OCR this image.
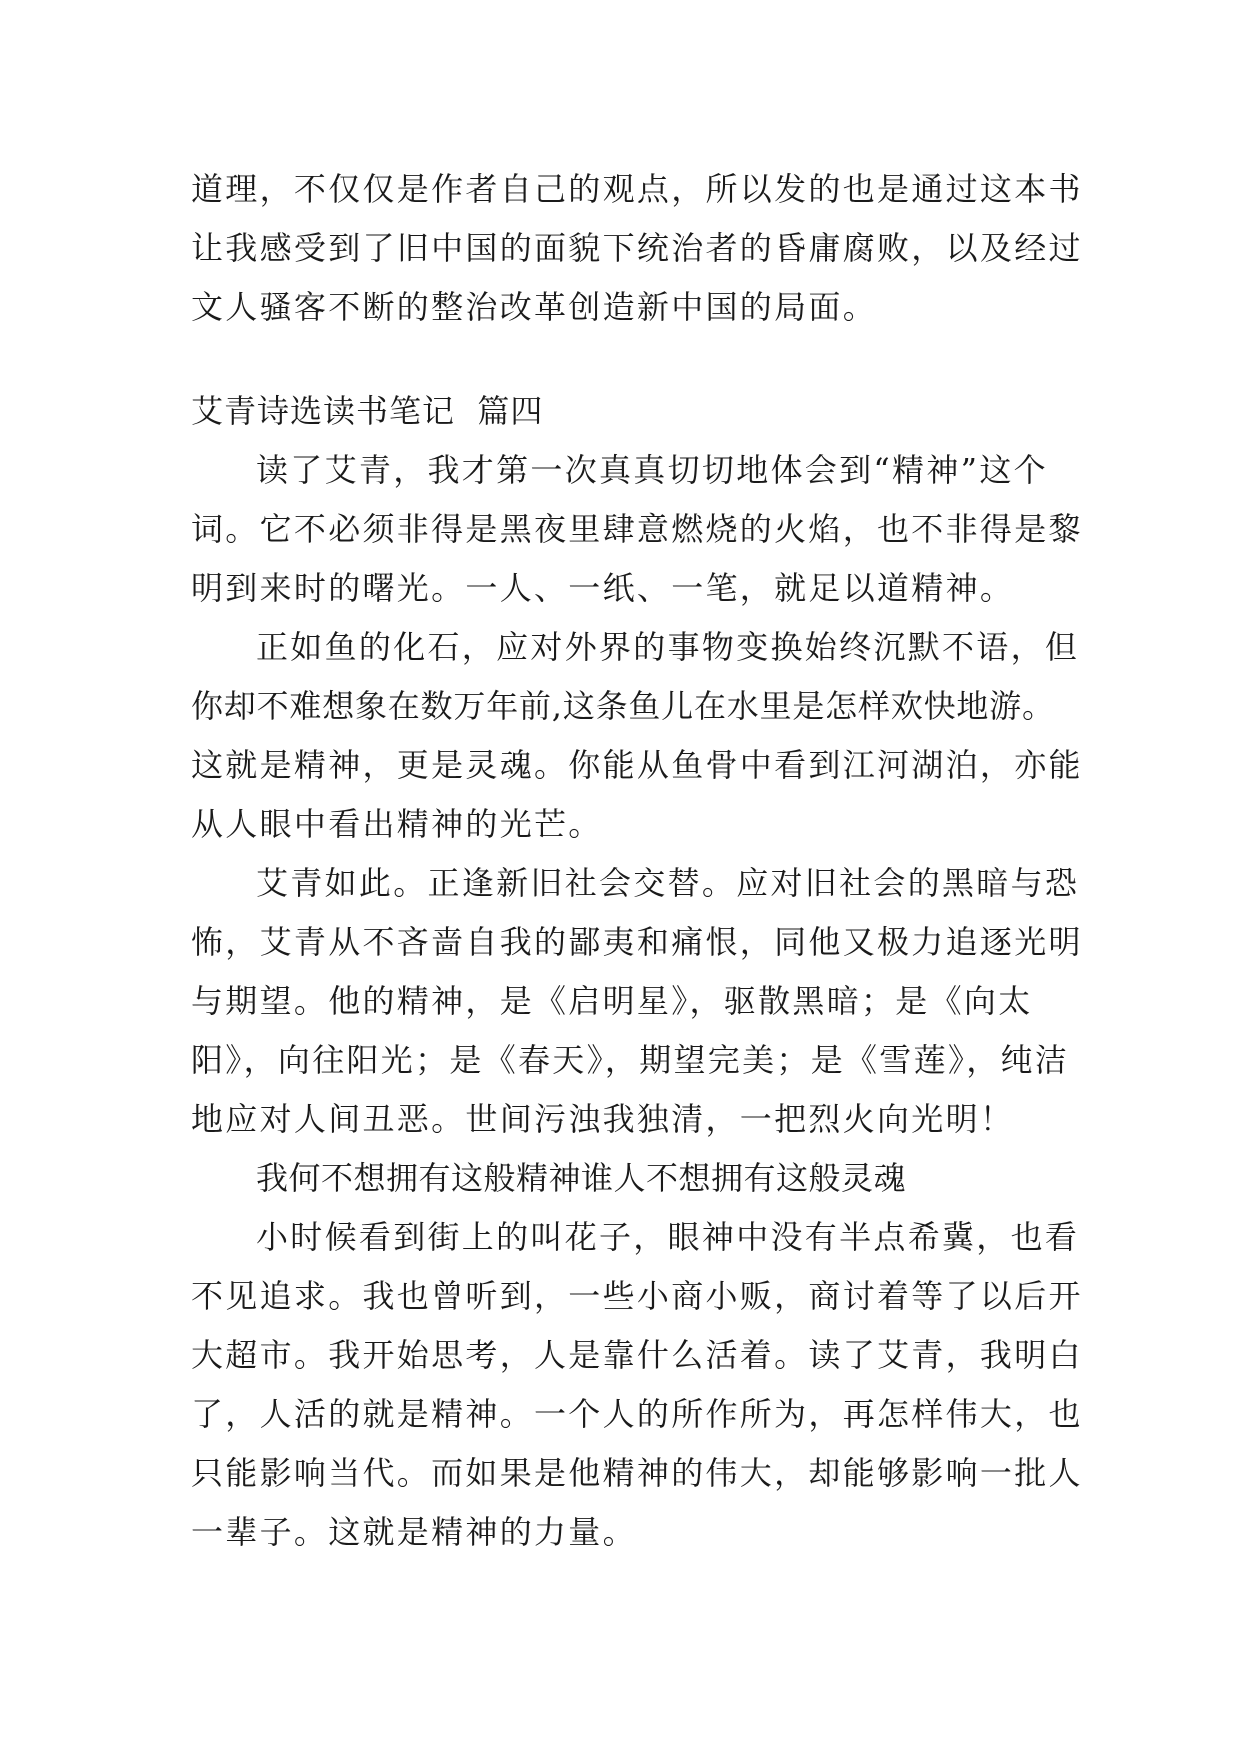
道理，不仅仅是作者自己的观点，所以发的也是通过这本书
让我感受到了旧中国的面貌下统治者的昏庸腐败，以及经过
文人骚客不断的整治改革创造新中国的局面。
艾青诗选读书笔记  篇四
读了艾青，我才第一次真真切切地体会到“精神”这个
词。它不必须非得是黑夜里肆意燃烧的火焰，也不非得是黎
明到来时的曙光。一人、一纸、一笔，就足以道精神。
正如鱼的化石，应对外界的事物变换始终沉默不语，但
你却不难想象在数万年前,这条鱼儿在水里是怎样欢快地游。
这就是精神，更是灵魂。你能从鱼骨中看到江河湖泊，亦能
从人眼中看出精神的光芒。
艾青如此。正逢新旧社会交替。应对旧社会的黑暗与恐
怖，艾青从不吝啬自我的鄙夷和痛恨，同他又极力追逐光明
与期望。他的精神，是《启明星》，驱散黑暗；是《向太
阳》，向往阳光；是《春天》，期望完美；是《雪莲》，纯洁
地应对人间丑恶。世间污浊我独清，一把烈火向光明！
我何不想拥有这般精神谁人不想拥有这般灵魂
小时候看到街上的叫花子，眼神中没有半点希冀，也看
不见追求。我也曾听到，一些小商小贩，商讨着等了以后开
大超市。我开始思考，人是靠什么活着。读了艾青，我明白
了，人活的就是精神。一个人的所作所为，再怎样伟大，也
只能影响当代。而如果是他精神的伟大，却能够影响一批人
一辈子。这就是精神的力量。
